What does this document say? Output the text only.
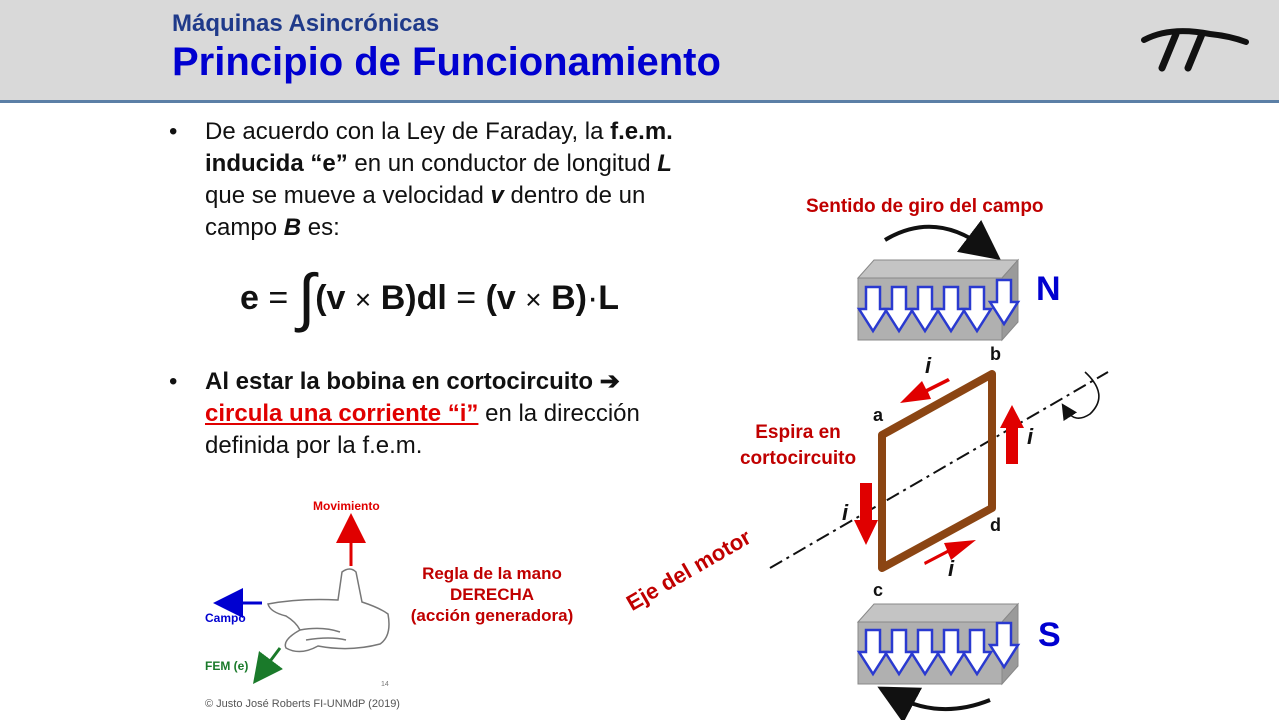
Máquinas Asincrónicas
Principio de Funcionamiento
• De acuerdo con la Ley de Faraday, la f.e.m. inducida “e” en un conductor de longitud L que se mueve a velocidad v dentro de un campo B es:
e = ∫(v × B)dl = (v × B)·L
• Al estar la bobina en cortocircuito ➔
circula una corriente “i” en la dirección definida por la f.e.m.
Movimiento
Campo
FEM (e)
14
Regla de la mano
DERECHA
(acción generadora)
Sentido de giro del campo
N
S
Espira en
cortocircuito
Eje del motor
a
b
c
d
i
i
i
i
© Justo José Roberts FI-UNMdP (2019)
